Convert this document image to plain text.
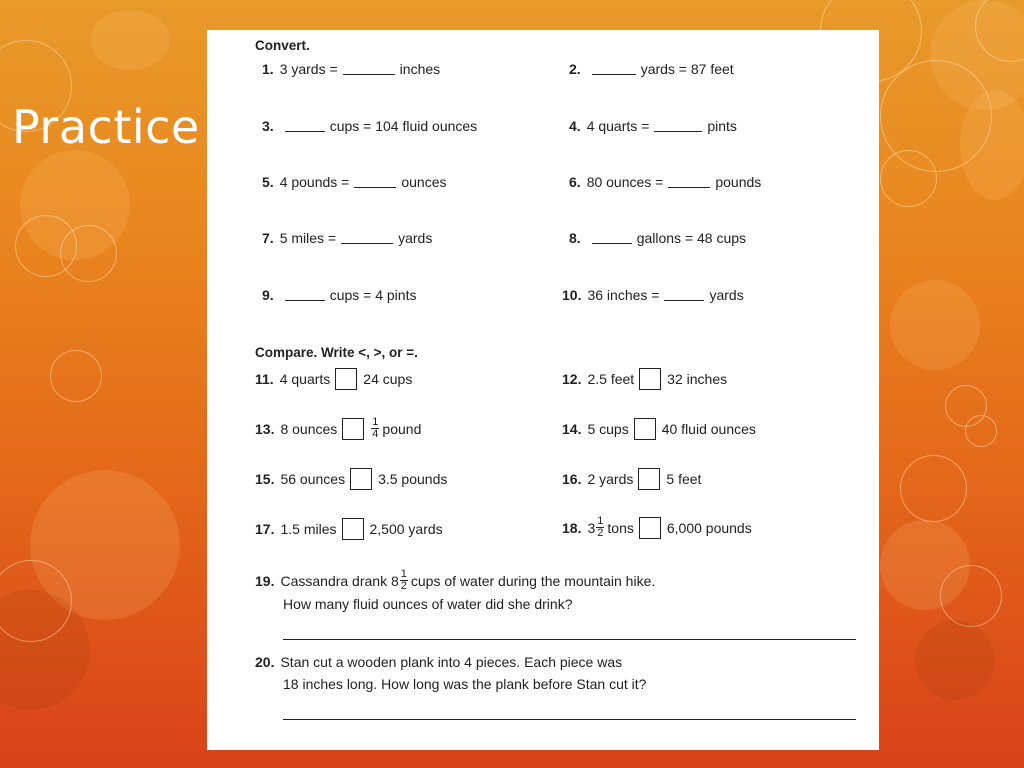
Practice
Convert.
1. 3 yards =	inches	2.	yards = 87 feet
3.	cups = 104 fluid ounces	4. 4 quarts =	pints
5. 4 pounds =	ounces	6. 80 ounces =	pounds
7. 5 miles =	yards	8.	gallons = 48 cups
9.	cups = 4 pints	10. 36 inches =	yards
Compare. Write <, >, or =.
11. 4 quarts 24 cups	12. 2.5 feet 32 inches
13. 8 ounces	$\frac{1}{4}$ pound	14. 5 cups 40 fluid ounces
15. 56 ounces 3.5 pounds	16. 2 yards 5 feet
17. 1.5 miles 2,500 yards	18. $3 \frac{1}{2}$ tons 6,000 pounds
19. Cassandra drank $8 \frac{1}{2}$ cups of water during the mountain hike.
How many fluid ounces of water did she drink?
20. Stan cut a wooden plank into 4 pieces. Each piece was
18 inches long. How long was the plank before Stan cut it?
